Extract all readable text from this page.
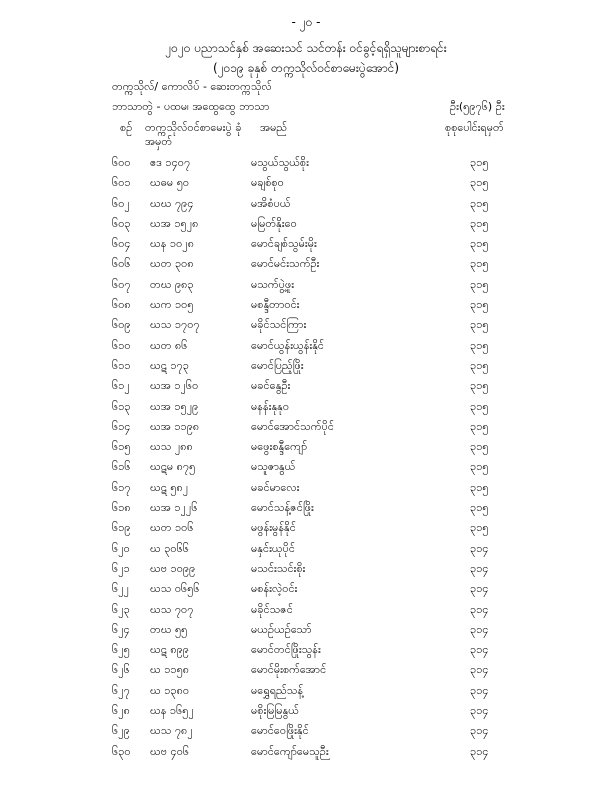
- ၂၀ -
၂၀၂၀ ပညာသင်နှစ် အဆေးသင် သင်တန်း ဝင်ခွင့်ရရှိသူများစာရင်း
(၂၀၁၉ ခုနှစ် တက္ကသိုလ်ဝင်စာမေးပွဲအောင်)
တက္ကသိုလ်/ ကောလိပ် - ဆေးတက္ကသိုလ်
ဘာသာတွဲ - ပထမ၊ အထွေထွေ ဘာသာ	ဦး(၅၉၇၆) ဦး
စဉ် တက္ကသိုလ်ဝင်စာမေးပွဲ ခုံအမှတ်
အမည်	စုစုပေါင်းရမှတ်
၆၀၀ ဧဒ ၁၄၀၇	မသွယ်သွယ်စိုး	၃၁၅
၆၀၁ ဃဓမ ၅၀	မချစ်စု၀	၃၁၅
၆၀၂ ဃဃ ၇၉၄	မအိစံပယ်	၃၁၅
၆၀၃ ဃအ ၁၅၂၈	မမြတ်နိုးဝေ	၃၁၅
၆၀၄ ဃန ၁၀၂၈	မောင်ချစ်သွမ်းမိုး	၃၁၅
၆၀၆ ဃတ ၃၀၈	မောင်မင်းသက်ဦး	၃၁၅
၆၀၇ တဃ ၉၈၃	မသက်ပွဲ့ဖူး	၃၁၅
၆၀၈ ဃက ၁၀၅	မစန္ဒီတာဝင်း	၃၁၅
၆၀၉ ဃသ ၁၇၀၇	မခိုင်သင်ကြား	၃၁၅
၆၁၀ ဃတ ၈၆	မောင်ယွန်းယွန်းနိုင်	၃၁၅
၆၁၁ ဃဋ ၁၇၃	မောင်ပြည့်ဖြိုး	၃၁၅
၆၁၂ ဃအ ၁၂၆၀	မခင်နွေဦး	၃၁၅
၆၁၃ ဃအ ၁၅၂၉	မနန်းနုနု၀	၃၁၅
၆၁၄ ဃအ ၁၁၉၈	မောင်အောင်သက်ပိုင်	၃၁၅
၆၁၅ ဃသ ၂၈၈	မဖွေးစန္ဒီကျော်	၃၁၅
၆၁၆ ဃဋမ ၈၇၅	မသူဇာနွယ်	၃၁၅
၆၁၇ ဃဋ ၅၈၂	မခင်မာလေး	၃၁၅
၆၁၈ ဃအ ၁၂၂၆	မောင်သန့်ဇင်ဖြိုး	၃၁၅
၆၁၉ ဃတ ၁၀၆	မဖွန်းမွန်နိုင်	၃၁၅
၆၂၀ ဃ ၃၀၆၆	မနှင်းယုပိုင်	၃၁၄
၆၂၁ ဃဗ ၁၀၉၉	မသင်းသင်းစိုး	၃၁၄
၆၂၂ ဃသ ၀၆၅၆	မစန်းလဲ့ဝင်း	၃၁၄
၆၂၃ ဃသ ၇၀၇	မခိုင်သဇင်	၃၁၄
၆၂၄ တဃ ၅၅	မယဉ်ယဉ်သော်	၃၁၄
၆၂၅ ဃဋ ၈၉၉	မောင်တင်ဖြိုးသွန်း	၃၁၄
၆၂၆ ဃ ၁၁၅၈	မောင်မိုးစက်အောင်	၃၁၄
၆၂၇ ဃ ၁၃၈၀	မရွှေရည်သန့်	၃၁၄
၆၂၈ ဃန ၁၆၅၂	မစိုးမြမြနွယ်	၃၁၄
၆၂၉ ဃသ ၇၈၂	မောင်ဝေဖြိုးနိုင်	၃၁၄
၆၃၀ ဃဗ ၄၀၆	မောင်ကျော်မေသူဉီး	၃၁၄
